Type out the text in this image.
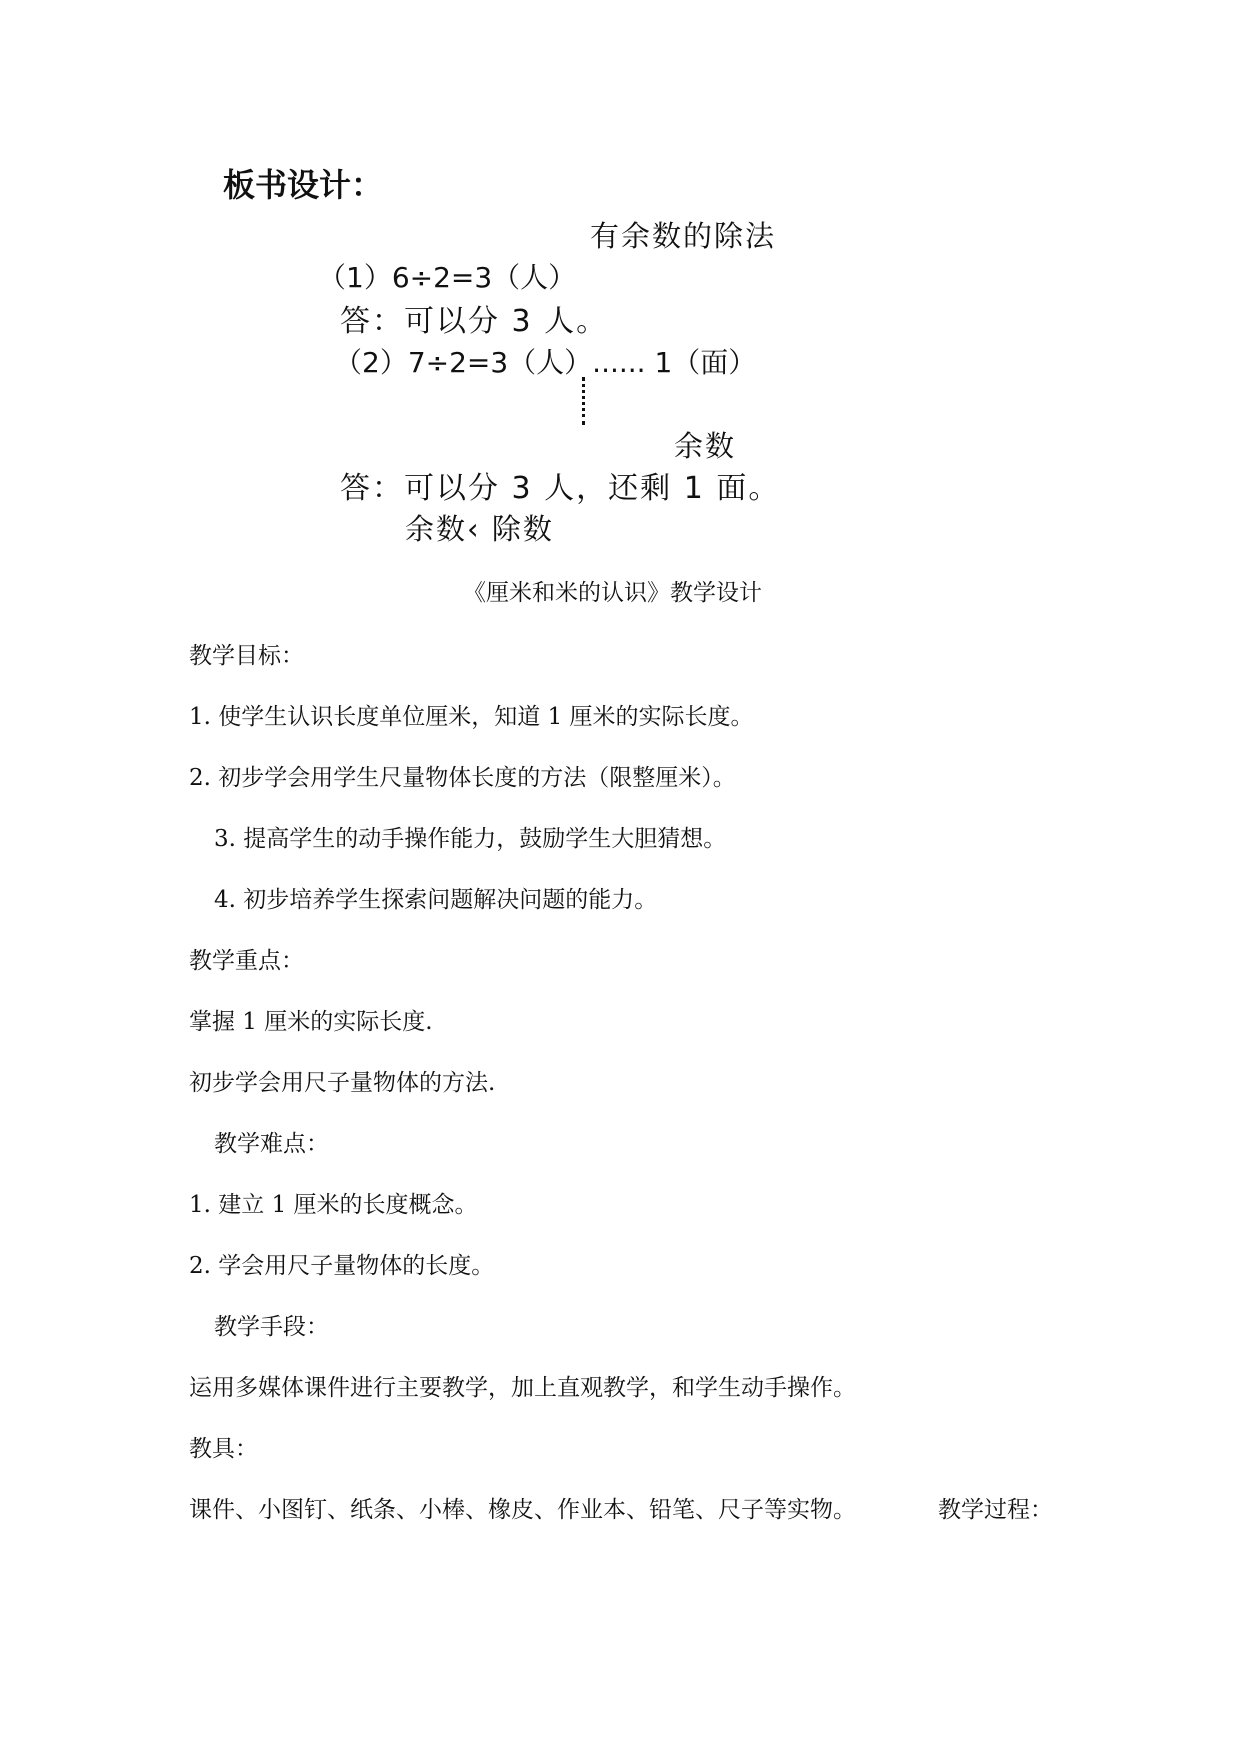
板书设计：
有余数的除法
（1）6÷2=3（人）
答：可以分 3 人。
（2）7÷2=3（人）...... 1（面）
余数
答：可以分 3 人，还剩 1 面。
余数‹ 除数
《厘米和米的认识》教学设计
教学目标：
1. 使学生认识长度单位厘米，知道 1 厘米的实际长度。
2. 初步学会用学生尺量物体长度的方法（限整厘米）。
3. 提高学生的动手操作能力，鼓励学生大胆猜想。
4. 初步培养学生探索问题解决问题的能力。
教学重点：
掌握 1 厘米的实际长度.
初步学会用尺子量物体的方法.
教学难点：
1. 建立 1 厘米的长度概念。
2. 学会用尺子量物体的长度。
教学手段：
运用多媒体课件进行主要教学，加上直观教学，和学生动手操作。
教具：
课件、小图钉、纸条、小棒、橡皮、作业本、铅笔、尺子等实物。	教学过程：
